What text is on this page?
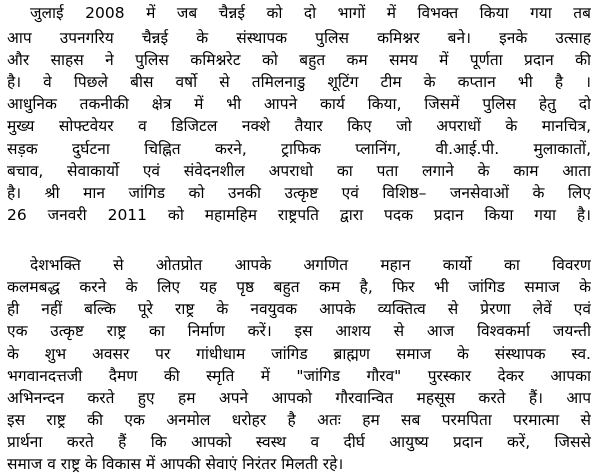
जुलाई 2008 में जब चैन्नई को दो भागों में विभक्त किया गया तब
आप उपनगरिय चैन्नई के संस्थापक पुलिस कमिश्नर बने। इनके उत्साह
और साहस ने पुलिस कमिश्नरेट को बहुत कम समय में पूर्णता प्रदान की
है। वे पिछले बीस वर्षो से तमिलनाडु शूटिंग टीम के कप्तान भी है ।
आधुनिक तकनीकी क्षेत्र में भी आपने कार्य किया, जिसमें पुलिस हेतु दो
मुख्य सोफ्टवेयर व डिजिटल नक्शे तैयार किए जो अपराधों के मानचित्र,
सड़क दुर्घटना चिह्नित करने, ट्राफिक प्लानिंग, वी.आई.पी. मुलाकातों,
बचाव, सेवाकार्यो एवं संवेदनशील अपराधो का पता लगाने के काम आता
है। श्री मान जांगिड को उनकी उत्कृष्ट एवं विशिष्ठ– जनसेवाओं के लिए
26 जनवरी 2011 को महामहिम राष्ट्रपति द्वारा पदक प्रदान किया गया है।
देशभक्ति से ओतप्रोत आपके अगणित महान कार्यो का विवरण
कलमबद्ध करने के लिए यह पृष्ठ बहुत कम है, फिर भी जांगिड समाज के
ही नहीं बल्कि पूरे राष्ट्र के नवयुवक आपके व्यक्तित्व से प्रेरणा लेवें एवं
एक उत्कृष्ट राष्ट्र का निर्माण करें। इस आशय से आज विश्वकर्मा जयन्ती
के शुभ अवसर पर गांधीधाम जांगिड ब्राह्मण समाज के संस्थापक स्व.
भगवानदत्तजी दैमण की स्मृति में "जांगिड गौरव" पुरस्कार देकर आपका
अभिनन्दन करते हुए हम अपने आपको गौरवान्वित महसूस करते हैं। आप
इस राष्ट्र की एक अनमोल धरोहर है अतः हम सब परमपिता परमात्मा से
प्रार्थना करते हैं कि आपको स्वस्थ व दीर्घ आयुष्य प्रदान करें, जिससे
समाज व राष्ट्र के विकास में आपकी सेवाएं निरंतर मिलती रहे।
